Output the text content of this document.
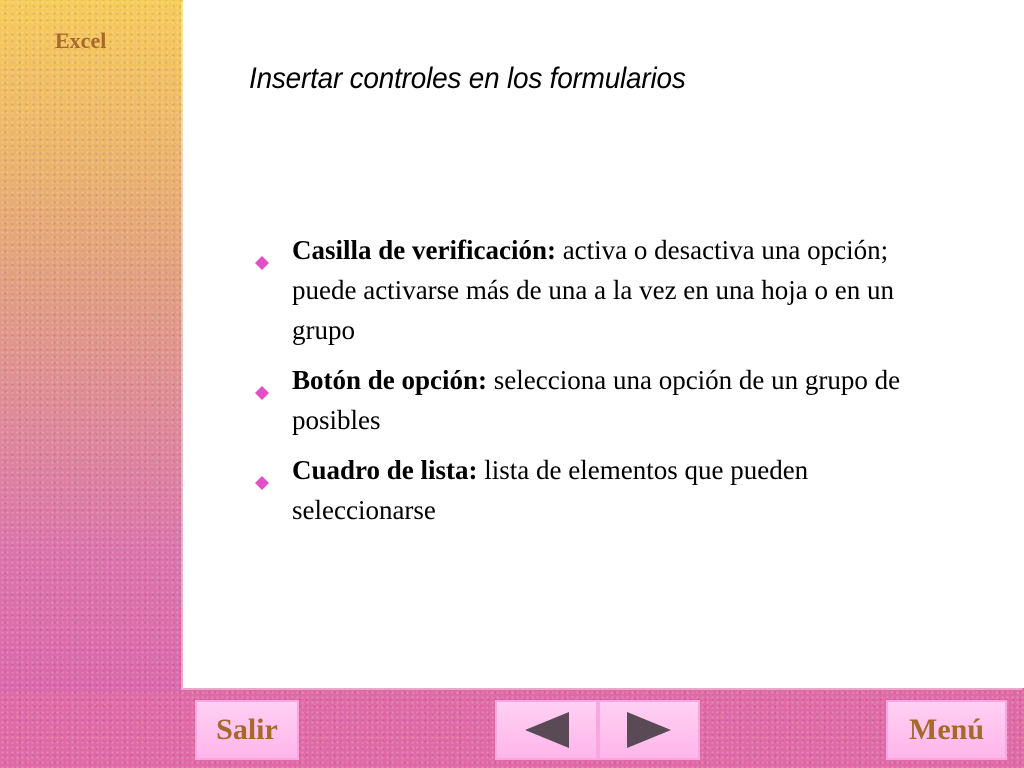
Excel
Insertar controles en los formularios
Casilla de verificación: activa o desactiva una opción; puede activarse más de una a la vez en una hoja o en un grupo
Botón de opción: selecciona una opción de un grupo de posibles
Cuadro de lista: lista de elementos que pueden seleccionarse
Salir	Menú
